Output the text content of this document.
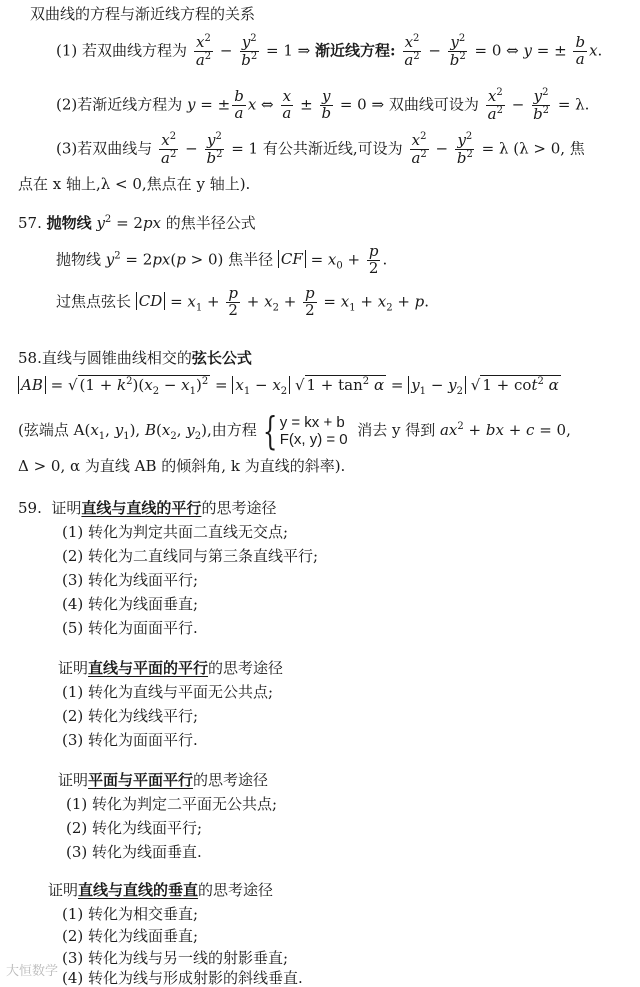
双曲线的方程与渐近线方程的关系
(1) 若双曲线方程为 $\frac{x^2}{a^2} - \frac{y^2}{b^2} = 1$ ⇒ 渐近线方程: $\frac{x^2}{a^2} - \frac{y^2}{b^2} = 0$ ⇔ y = ± $\frac{b}{a} x$.
(2)若渐近线方程为 y = ± $\frac{b}{a}$ x ⇔ $\frac{x}{a} \pm \frac{y}{b} = 0$ ⇒ 双曲线可设为 $\frac{x^2}{a^2} - \frac{y^2}{b^2} = \lambda$.
(3)若双曲线与 $\frac{x^2}{a^2} - \frac{y^2}{b^2} = 1$ 有公共渐近线,可设为 $\frac{x^2}{a^2} - \frac{y^2}{b^2} = \lambda$ (λ > 0, 焦
点在 x 轴上,λ < 0,焦点在 y 轴上).
57. 抛物线 $y^2 = 2px$ 的焦半径公式
抛物线 $y^2 = 2px(p > 0)$ 焦半径 CF = $x_0 + \frac{p}{2}$ .
过焦点弦长 CD = $x_1 + \frac{p}{2} + x_2 + \frac{p}{2} = x_1 + x_2 + p$.
58.直线与圆锥曲线相交的弦长公式
AB = √ $(1 + k^2)(x_2 - x_1)^2 = x_1 - x_2$ √ $1 + \tan^2 \alpha = y_1 - y_2$ √ $1 + \cot^2 \alpha$
(弦端点 $A(x_1$, $y_1$), $B(x_2$, $y_2$),由方程 { y = kx + b
F(x, y) = 0
消去 y 得到 $ax^2$ + bx + c = 0,
Δ > 0, α 为直线 AB 的倾斜角, k 为直线的斜率).
59. 证明直线与直线的平行的思考途径
(1) 转化为判定共面二直线无交点;
(2) 转化为二直线同与第三条直线平行;
(3) 转化为线面平行;
(4) 转化为线面垂直;
(5) 转化为面面平行.
证明直线与平面的平行的思考途径
(1) 转化为直线与平面无公共点;
(2) 转化为线线平行;
(3) 转化为面面平行.
证明平面与平面平行的思考途径
(1) 转化为判定二平面无公共点;
(2) 转化为线面平行;
(3) 转化为线面垂直.
证明直线与直线的垂直的思考途径
(1) 转化为相交垂直;
(2) 转化为线面垂直;
(3) 转化为线与另一线的射影垂直;
(4) 转化为线与形成射影的斜线垂直.
大恒数学
